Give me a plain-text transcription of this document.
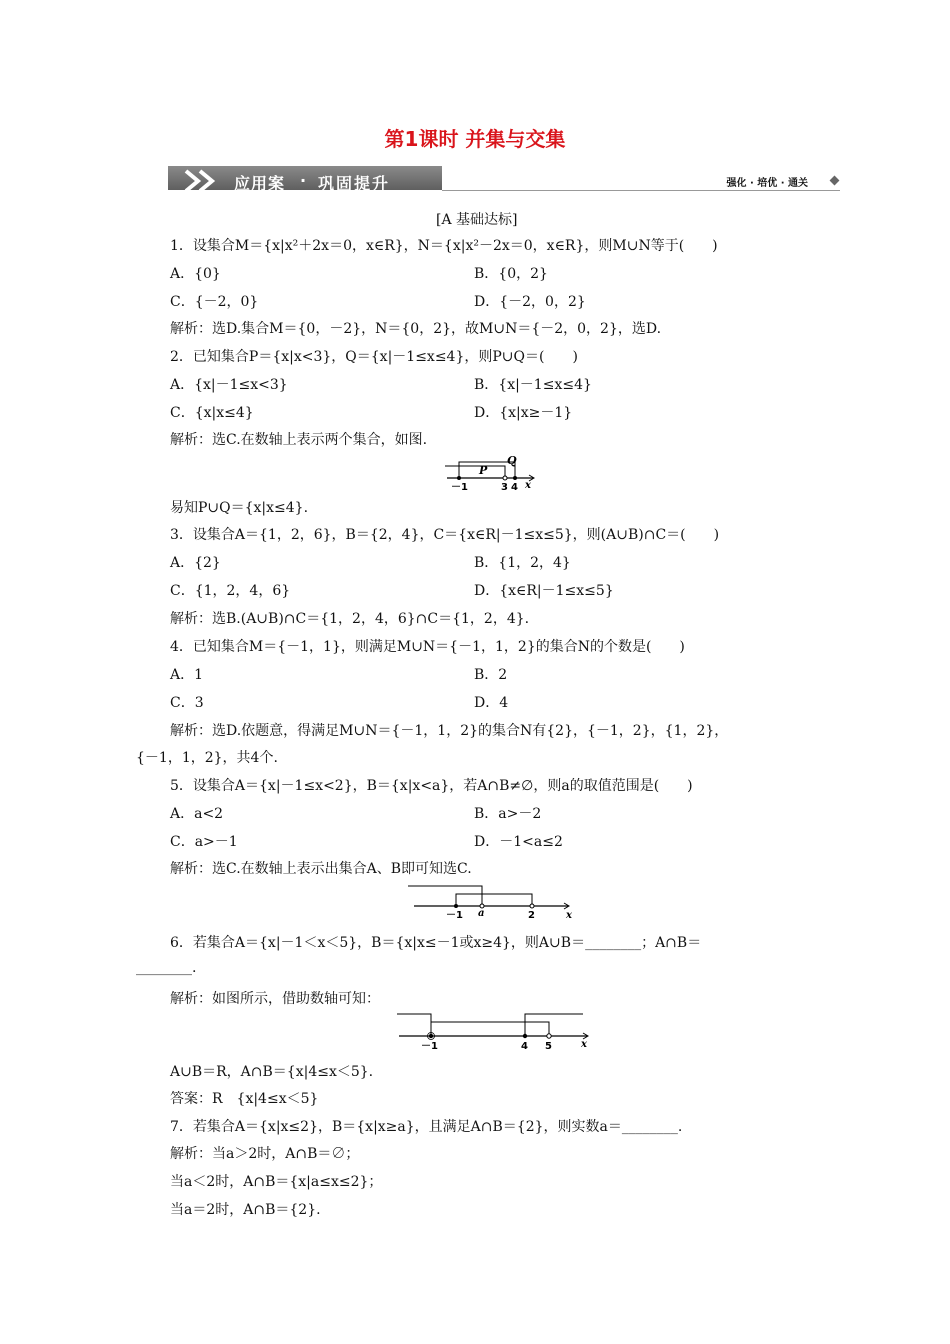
第1课时 并集与交集
应用案 · 巩固提升	强化 · 培优 · 通关
[A 基础达标]
1．设集合M＝{x|x²＋2x＝0，x∈R}，N＝{x|x²－2x＝0，x∈R}，则M∪N等于(　　)
A．{0}	B．{0，2}
C．{－2，0}	D．{－2，0，2}
解析：选D.集合M＝{0，－2}，N＝{0，2}，故M∪N＝{－2，0，2}，选D.
2．已知集合P＝{x|x<3}，Q＝{x|－1≤x≤4}，则P∪Q＝(　　)
A．{x|－1≤x<3}	B．{x|－1≤x≤4}
C．{x|x≤4}	D．{x|x≥－1}
解析：选C.在数轴上表示两个集合，如图.
P
Q
－1	3 4 x
易知P∪Q＝{x|x≤4}.
3．设集合A＝{1，2，6}，B＝{2，4}，C＝{x∈R|－1≤x≤5}，则(A∪B)∩C＝(　　)
A．{2}	B．{1，2，4}
C．{1，2，4，6}	D．{x∈R|－1≤x≤5}
解析：选B.(A∪B)∩C＝{1，2，4，6}∩C＝{1，2，4}.
4．已知集合M＝{－1，1}，则满足M∪N＝{－1，1，2}的集合N的个数是(　　)
A．1	B．2
C．3	D．4
解析：选D.依题意，得满足M∪N＝{－1，1，2}的集合N有{2}，{－1，2}，{1，2}，
{－1，1，2}，共4个.
5．设集合A＝{x|－1≤x<2}，B＝{x|x<a}，若A∩B≠∅，则a的取值范围是(　　)
A．a<2	B．a>－2
C．a>－1	D．－1<a≤2
解析：选C.在数轴上表示出集合A、B即可知选C.
－1 a	2	x
6．若集合A＝{x|－1＜x＜5}，B＝{x|x≤－1或x≥4}，则A∪B＝________；A∩B＝
________.
解析：如图所示，借助数轴可知：
－1	4 5	x
A∪B＝R，A∩B＝{x|4≤x＜5}.
答案：R　{x|4≤x＜5}
7．若集合A＝{x|x≤2}，B＝{x|x≥a}，且满足A∩B＝{2}，则实数a＝________.
解析：当a＞2时，A∩B＝∅；
当a＜2时，A∩B＝{x|a≤x≤2}；
当a＝2时，A∩B＝{2}.
